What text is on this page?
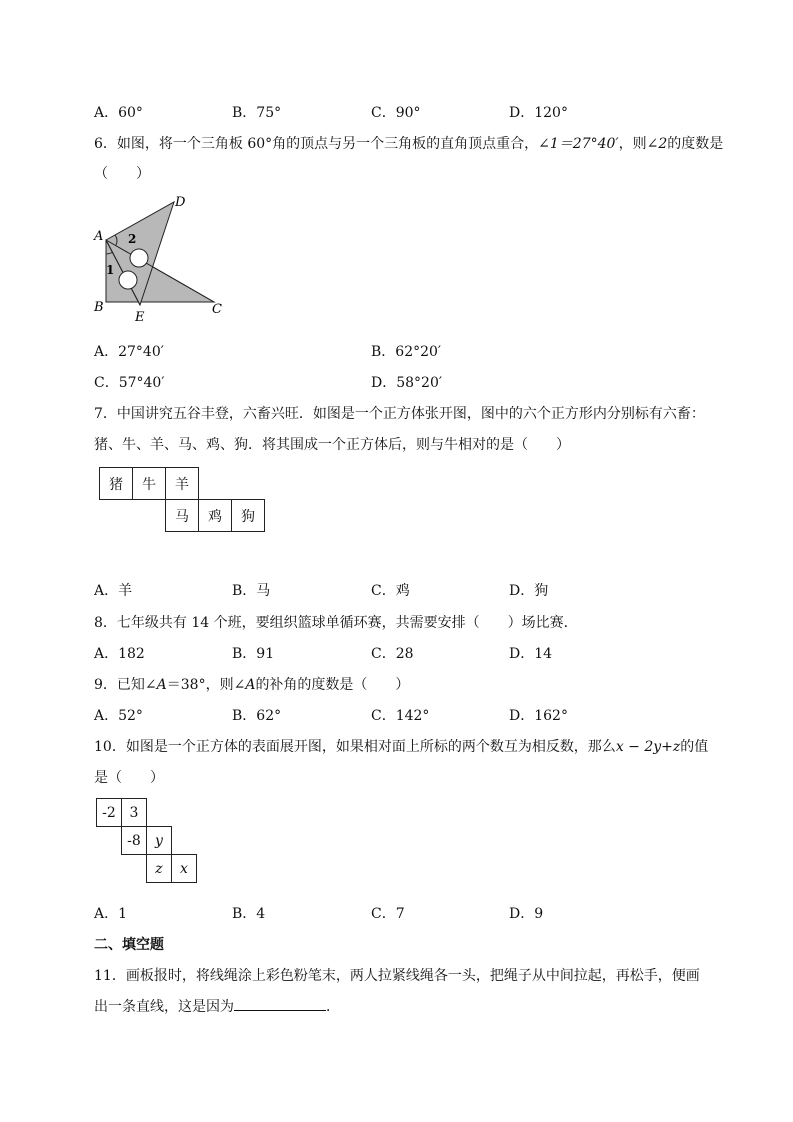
A．60°	B．75°	C．90°	D．120°
6．如图，将一个三角板 60°角的顶点与另一个三角板的直角顶点重合，∠1＝27°40′，则∠2的度数是
（　　）
A
B	C
D
E
1
2
A．27°40′	B．62°20′
C．57°40′	D．58°20′
7．中国讲究五谷丰登，六畜兴旺．如图是一个正方体张开图，图中的六个正方形内分别标有六畜：
猪、牛、羊、马、鸡、狗．将其围成一个正方体后，则与牛相对的是（　　）
猪	牛	羊
马	鸡	狗
A．羊	B．马	C．鸡	D．狗
8．七年级共有 14 个班，要组织篮球单循环赛，共需要安排（　　）场比赛．
A．182	B．91	C．28	D．14
9．已知∠A＝38°，则∠A的补角的度数是（　　）
A．52°	B．62°	C．142°	D．162°
10．如图是一个正方体的表面展开图，如果相对面上所标的两个数互为相反数，那么x − 2y+z的值
是（　　）
-2 3
-8	y
z	x
A．1	B．4	C．7	D．9
二、填空题
11．画板报时，将线绳涂上彩色粉笔末，两人拉紧线绳各一头，把绳子从中间拉起，再松手，便画
出一条直线，这是因为	．
